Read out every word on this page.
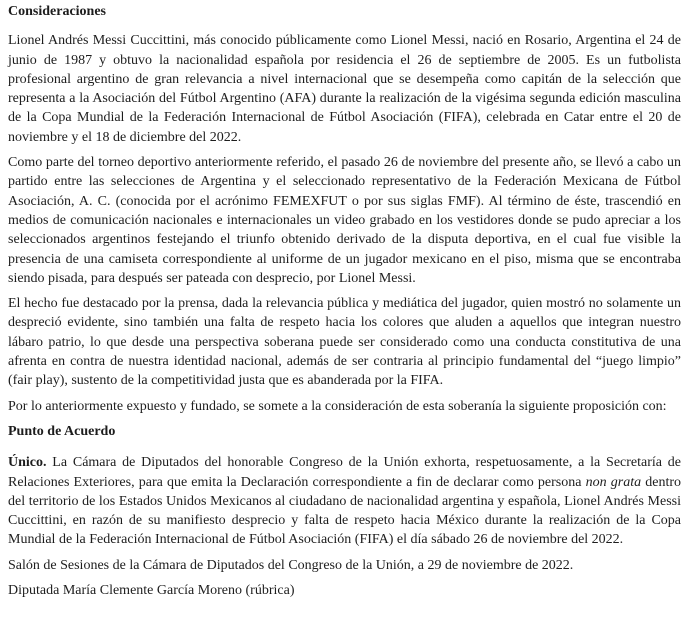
Consideraciones

Lionel Andrés Messi Cuccittini, más conocido públicamente como Lionel Messi, nació en Rosario, Argentina el 24 de junio de 1987 y obtuvo la nacionalidad española por residencia el 26 de septiembre de 2005. Es un futbolista profesional argentino de gran relevancia a nivel internacional que se desempeña como capitán de la selección que representa a la Asociación del Fútbol Argentino (AFA) durante la realización de la vigésima segunda edición masculina de la Copa Mundial de la Federación Internacional de Fútbol Asociación (FIFA), celebrada en Catar entre el 20 de noviembre y el 18 de diciembre del 2022.

Como parte del torneo deportivo anteriormente referido, el pasado 26 de noviembre del presente año, se llevó a cabo un partido entre las selecciones de Argentina y el seleccionado representativo de la Federación Mexicana de Fútbol Asociación, A. C. (conocida por el acrónimo FEMEXFUT o por sus siglas FMF). Al término de éste, trascendió en medios de comunicación nacionales e internacionales un video grabado en los vestidores donde se pudo apreciar a los seleccionados argentinos festejando el triunfo obtenido derivado de la disputa deportiva, en el cual fue visible la presencia de una camiseta correspondiente al uniforme de un jugador mexicano en el piso, misma que se encontraba siendo pisada, para después ser pateada con desprecio, por Lionel Messi.

El hecho fue destacado por la prensa, dada la relevancia pública y mediática del jugador, quien mostró no solamente un despreció evidente, sino también una falta de respeto hacia los colores que aluden a aquellos que integran nuestro lábaro patrio, lo que desde una perspectiva soberana puede ser considerado como una conducta constitutiva de una afrenta en contra de nuestra identidad nacional, además de ser contraria al principio fundamental del “juego limpio” (fair play), sustento de la competitividad justa que es abanderada por la FIFA.

Por lo anteriormente expuesto y fundado, se somete a la consideración de esta soberanía la siguiente proposición con:

Punto de Acuerdo

Único. La Cámara de Diputados del honorable Congreso de la Unión exhorta, respetuosamente, a la Secretaría de Relaciones Exteriores, para que emita la Declaración correspondiente a fin de declarar como persona non grata dentro del territorio de los Estados Unidos Mexicanos al ciudadano de nacionalidad argentina y española, Lionel Andrés Messi Cuccittini, en razón de su manifiesto desprecio y falta de respeto hacia México durante la realización de la Copa Mundial de la Federación Internacional de Fútbol Asociación (FIFA) el día sábado 26 de noviembre del 2022.

Salón de Sesiones de la Cámara de Diputados del Congreso de la Unión, a 29 de noviembre de 2022.

Diputada María Clemente García Moreno (rúbrica)
